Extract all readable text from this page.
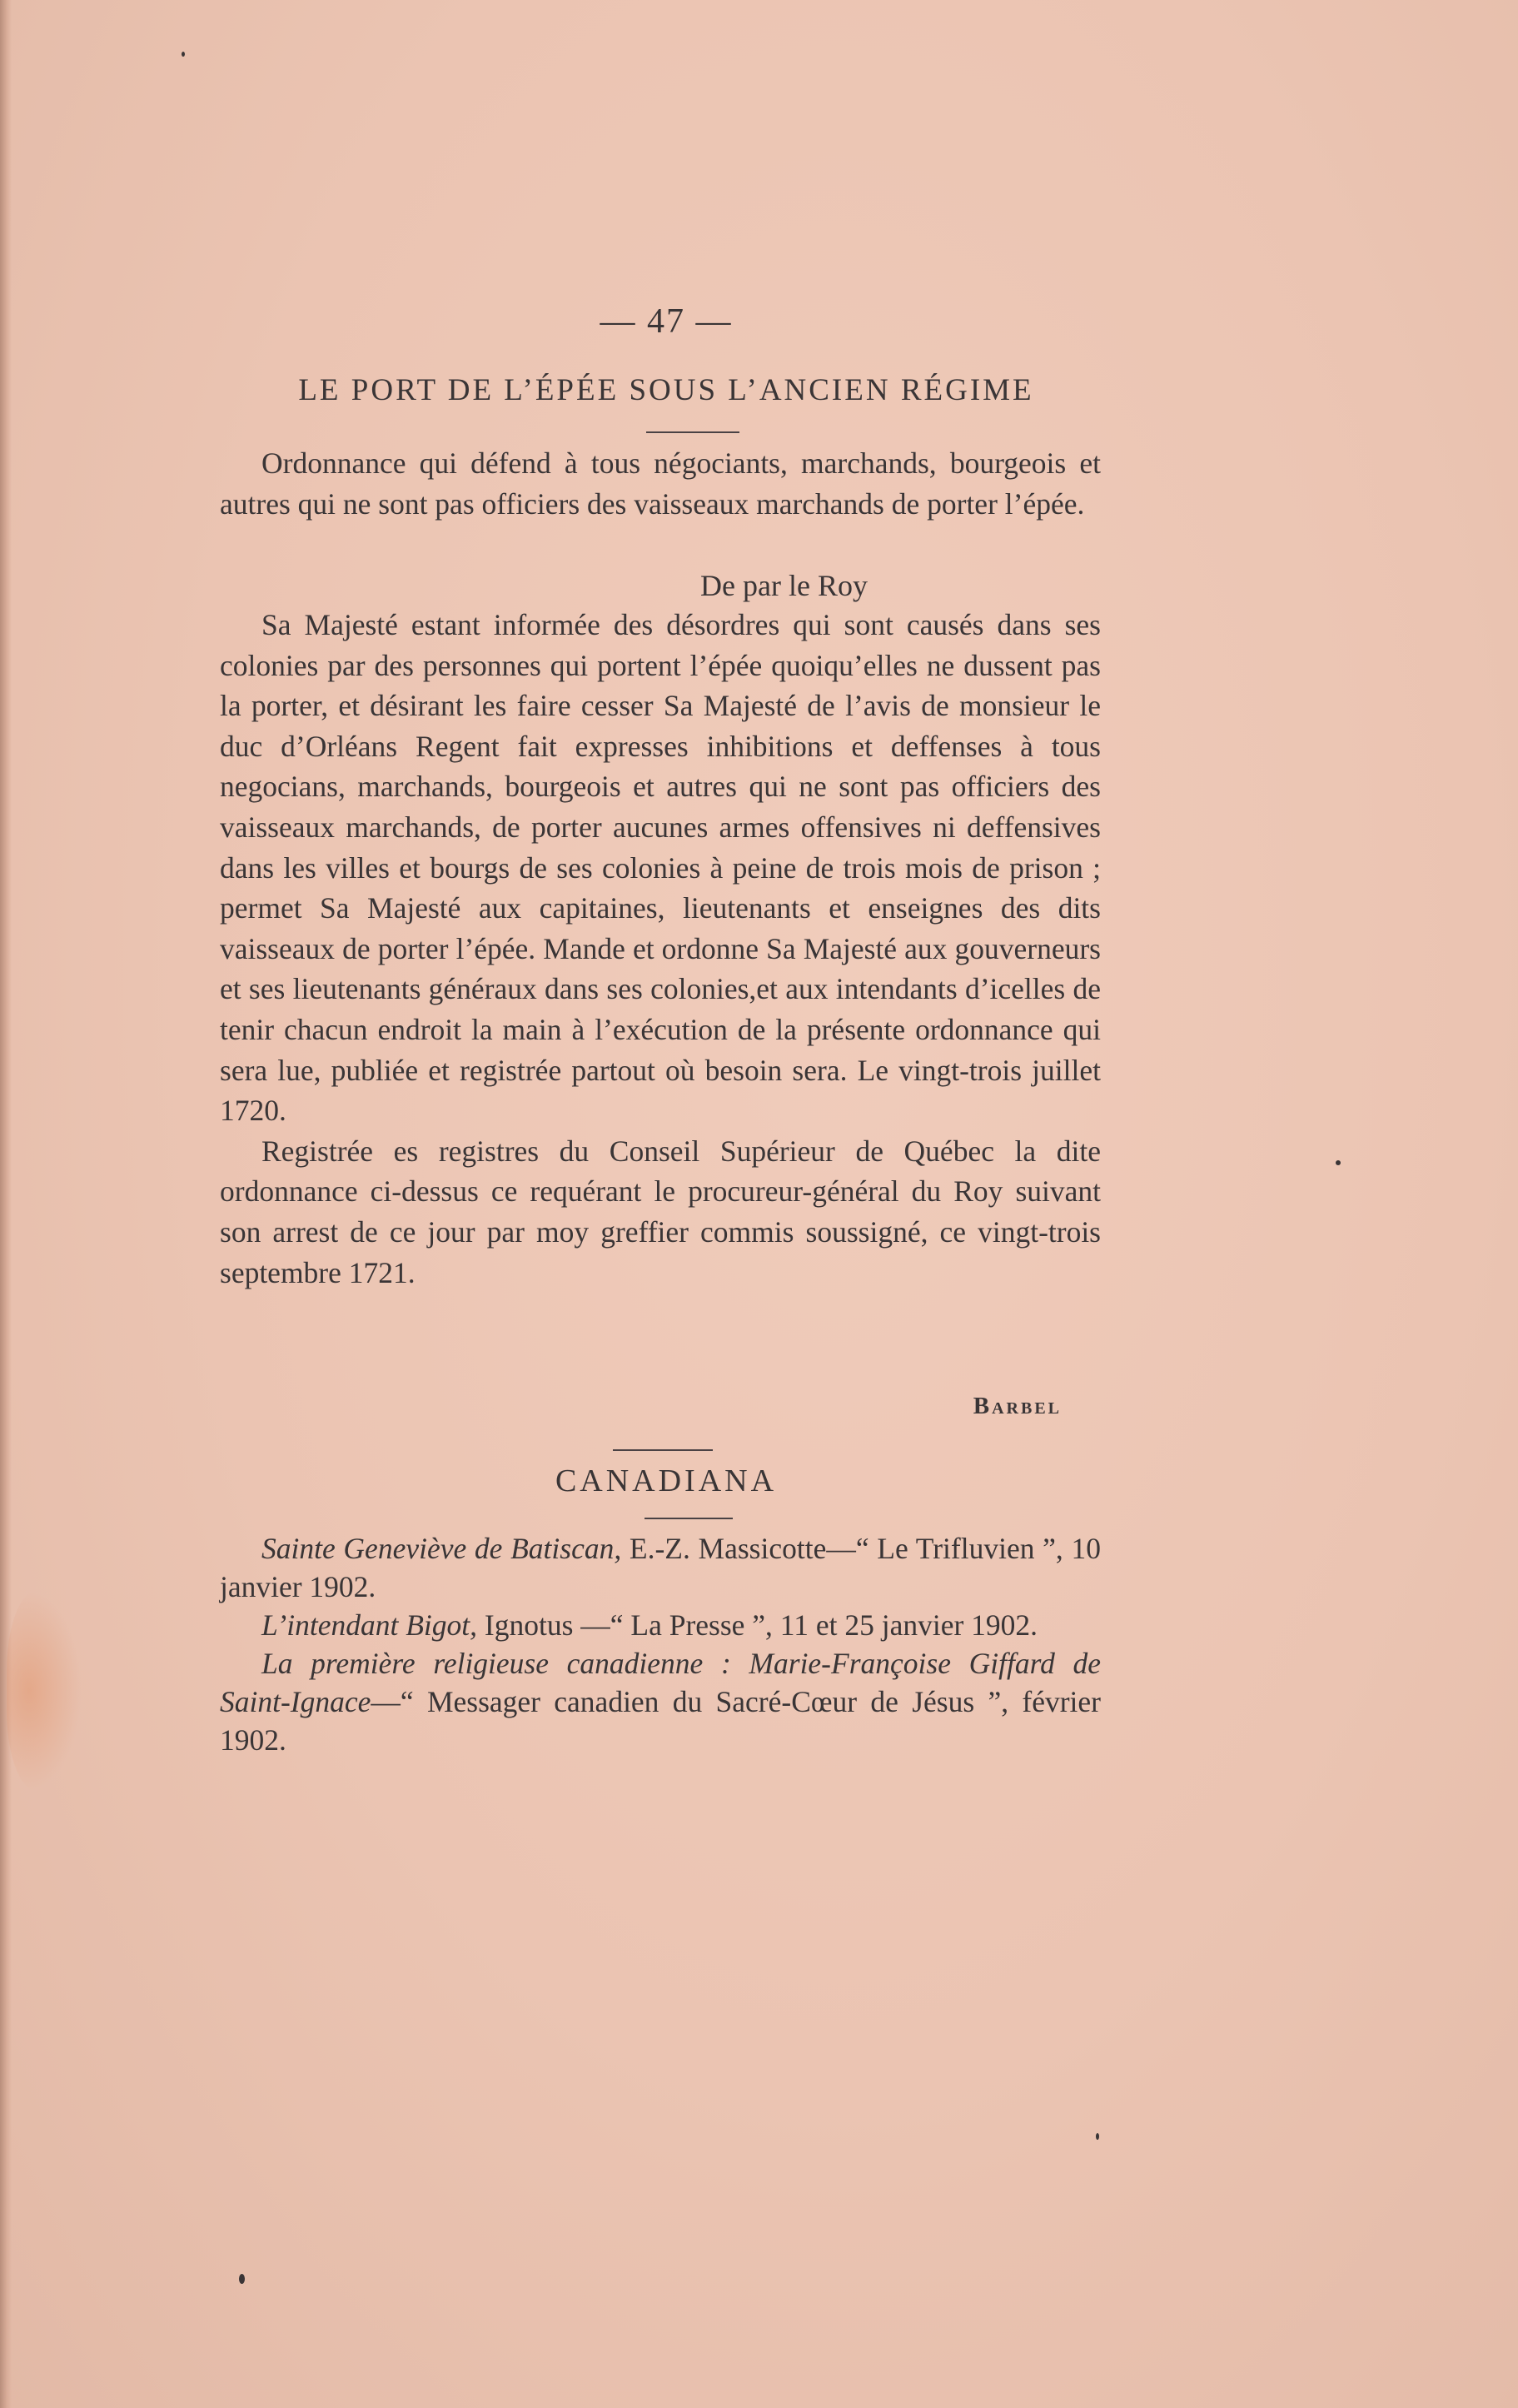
— 47 —
LE PORT DE L’ÉPÉE SOUS L’ANCIEN RÉGIME

Ordonnance qui défend à tous négociants, marchands, bourgeois et autres qui ne sont pas officiers des vaisseaux marchands de porter l’épée.

De par le Roy

Sa Majesté estant informée des désordres qui sont causés dans ses colonies par des personnes qui portent l’épée quoiqu’elles ne dussent pas la porter, et désirant les faire cesser Sa Majesté de l’avis de monsieur le duc d’Orléans Regent fait expresses inhibitions et deffenses à tous negocians, marchands, bourgeois et autres qui ne sont pas officiers des vaisseaux marchands, de porter aucunes armes offensives ni deffensives dans les villes et bourgs de ses colonies à peine de trois mois de prison ; permet Sa Majesté aux capitaines, lieutenants et enseignes des dits vaisseaux de porter l’épée. Mande et ordonne Sa Majesté aux gouverneurs et ses lieutenants généraux dans ses colonies,et aux intendants d’icelles de tenir chacun endroit la main à l’exécution de la présente ordonnance qui sera lue, publiée et registrée partout où besoin sera. Le vingt-trois juillet 1720.

Registrée es registres du Conseil Supérieur de Québec la dite ordonnance ci-dessus ce requérant le procureur-général du Roy suivant son arrest de ce jour par moy greffier commis soussigné, ce vingt-trois septembre 1721.

Barbel
CANADIANA

Sainte Geneviève de Batiscan, E.-Z. Massicotte—“ Le Trifluvien ”, 10 janvier 1902.

L’intendant Bigot, Ignotus —“ La Presse ”, 11 et 25 janvier 1902.

La première religieuse canadienne : Marie-Françoise Giffard de Saint-Ignace—“ Messager canadien du Sacré-Cœur de Jésus ”, février 1902.
